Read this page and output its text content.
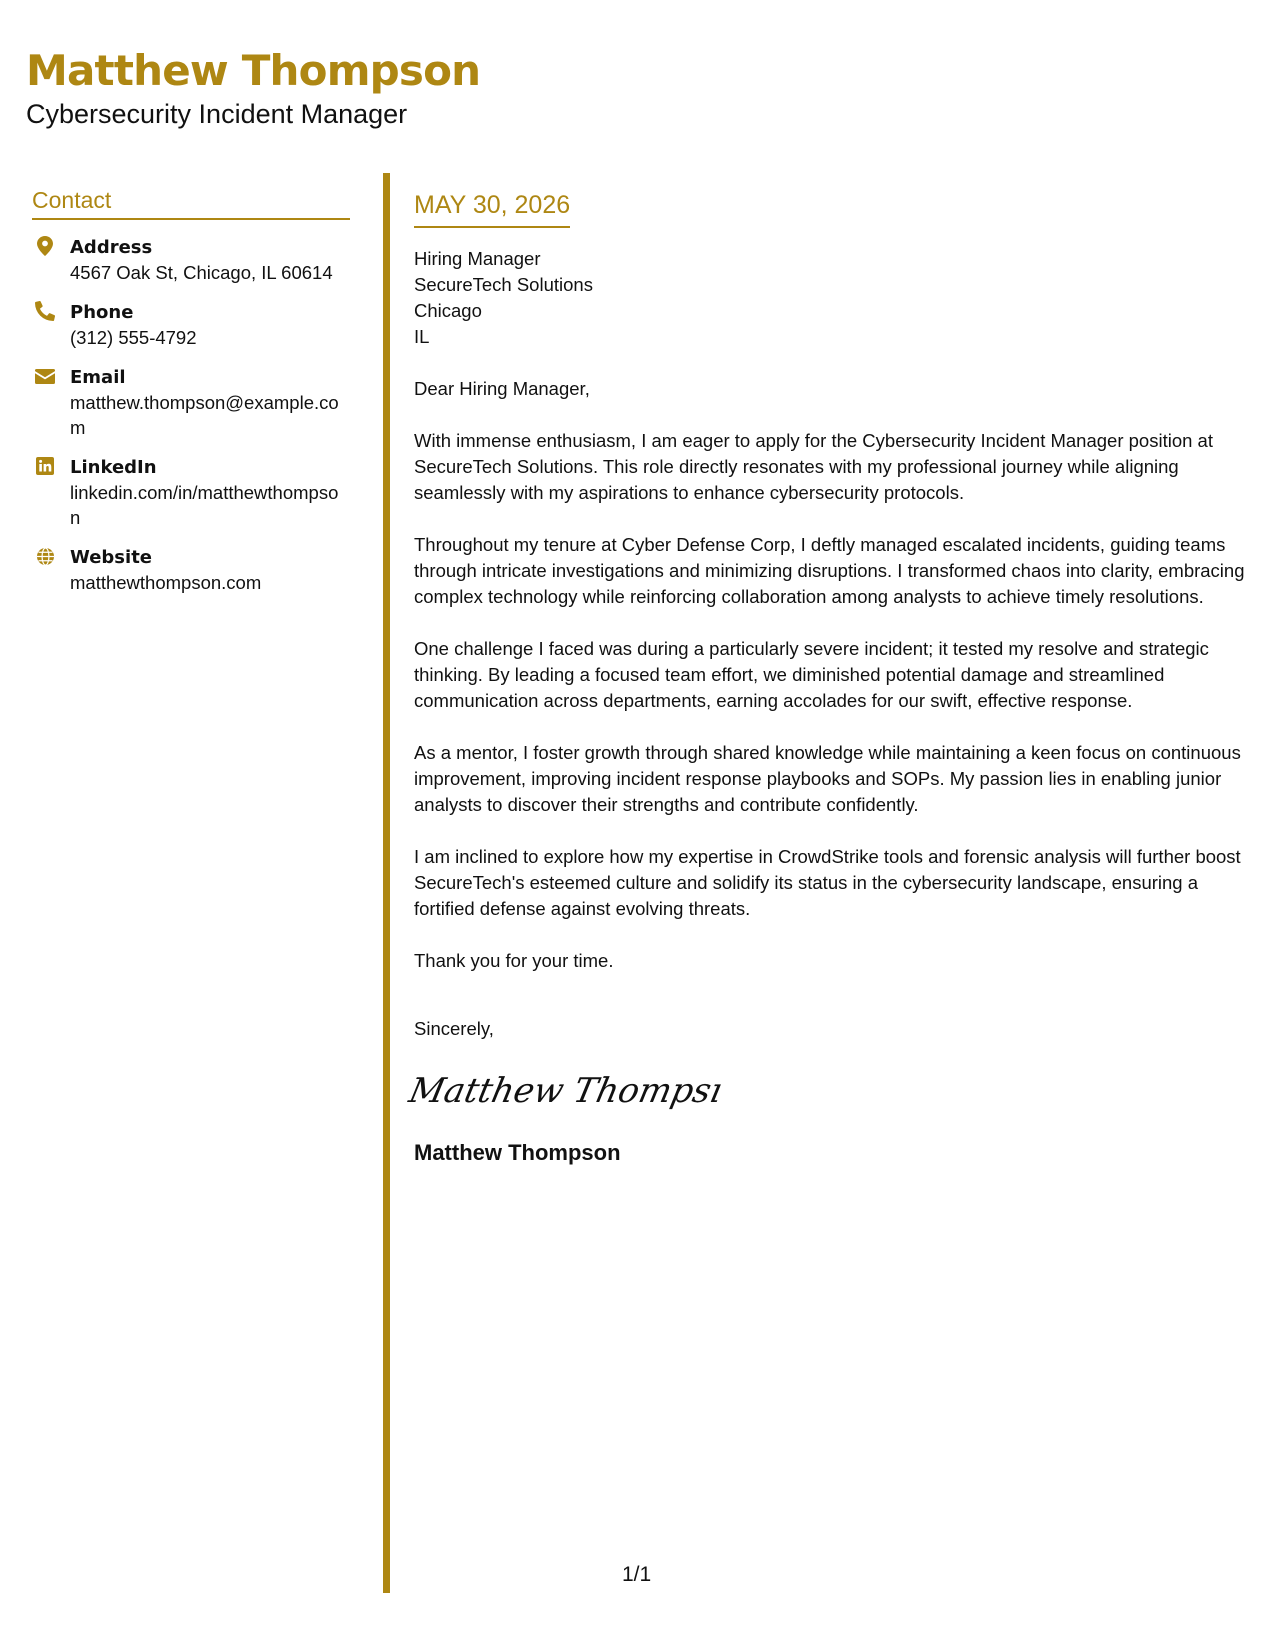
Matthew Thompson
Cybersecurity Incident Manager
Contact
Address
4567 Oak St, Chicago, IL 60614
Phone
(312) 555-4792
Email
matthew.thompson@example.com
LinkedIn
linkedin.com/in/matthewthompson
Website
matthewthompson.com
MAY 30, 2026
Hiring Manager
SecureTech Solutions
Chicago
IL
Dear Hiring Manager,

With immense enthusiasm, I am eager to apply for the Cybersecurity Incident Manager position at SecureTech Solutions. This role directly resonates with my professional journey while aligning seamlessly with my aspirations to enhance cybersecurity protocols.

Throughout my tenure at Cyber Defense Corp, I deftly managed escalated incidents, guiding teams through intricate investigations and minimizing disruptions. I transformed chaos into clarity, embracing complex technology while reinforcing collaboration among analysts to achieve timely resolutions.

One challenge I faced was during a particularly severe incident; it tested my resolve and strategic thinking. By leading a focused team effort, we diminished potential damage and streamlined communication across departments, earning accolades for our swift, effective response.

As a mentor, I foster growth through shared knowledge while maintaining a keen focus on continuous improvement, improving incident response playbooks and SOPs. My passion lies in enabling junior analysts to discover their strengths and contribute confidently.

I am inclined to explore how my expertise in CrowdStrike tools and forensic analysis will further boost SecureTech's esteemed culture and solidify its status in the cybersecurity landscape, ensuring a fortified defense against evolving threats.

Thank you for your time.

Sincerely,
Matthew Thompsı
Matthew Thompson
1/1
